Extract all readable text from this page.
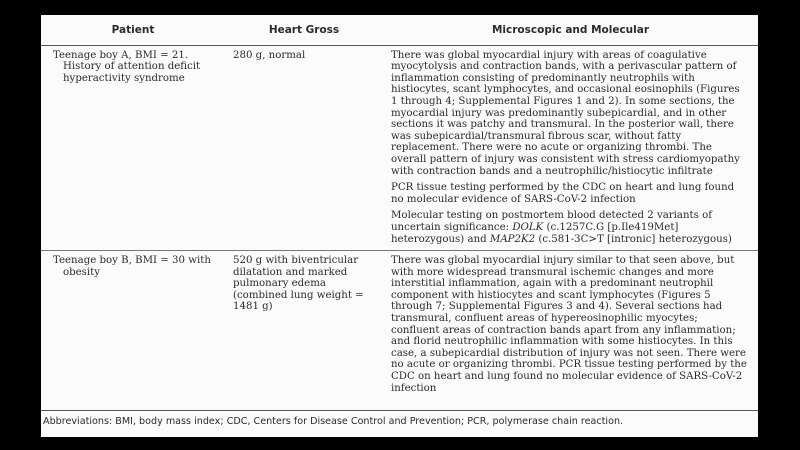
Patient	Heart Gross	Microscopic and Molecular

Teenage boy A, BMI = 21. History of attention deficit hyperactivity syndrome	280 g, normal	There was global myocardial injury with areas of coagulative myocytolysis and contraction bands, with a perivascular pattern of inflammation consisting of predominantly neutrophils with histiocytes, scant lymphocytes, and occasional eosinophils (Figures 1 through 4; Supplemental Figures 1 and 2). In some sections, the myocardial injury was predominantly subepicardial, and in other sections it was patchy and transmural. In the posterior wall, there was subepicardial/transmural fibrous scar, without fatty replacement. There were no acute or organizing thrombi. The overall pattern of injury was consistent with stress cardiomyopathy with contraction bands and a neutrophilic/histiocytic infiltrate

PCR tissue testing performed by the CDC on heart and lung found no molecular evidence of SARS-CoV-2 infection

Molecular testing on postmortem blood detected 2 variants of uncertain significance: DOLK (c.1257C.G [p.Ile419Met] heterozygous) and MAP2K2 (c.581-3C>T [intronic] heterozygous)

Teenage boy B, BMI = 30 with obesity	520 g with biventricular dilatation and marked pulmonary edema (combined lung weight = 1481 g)	There was global myocardial injury similar to that seen above, but with more widespread transmural ischemic changes and more interstitial inflammation, again with a predominant neutrophil component with histiocytes and scant lymphocytes (Figures 5 through 7; Supplemental Figures 3 and 4). Several sections had transmural, confluent areas of hypereosinophilic myocytes; confluent areas of contraction bands apart from any inflammation; and florid neutrophilic inflammation with some histiocytes. In this case, a subepicardial distribution of injury was not seen. There were no acute or organizing thrombi. PCR tissue testing performed by the CDC on heart and lung found no molecular evidence of SARS-CoV-2 infection

Abbreviations: BMI, body mass index; CDC, Centers for Disease Control and Prevention; PCR, polymerase chain reaction.
